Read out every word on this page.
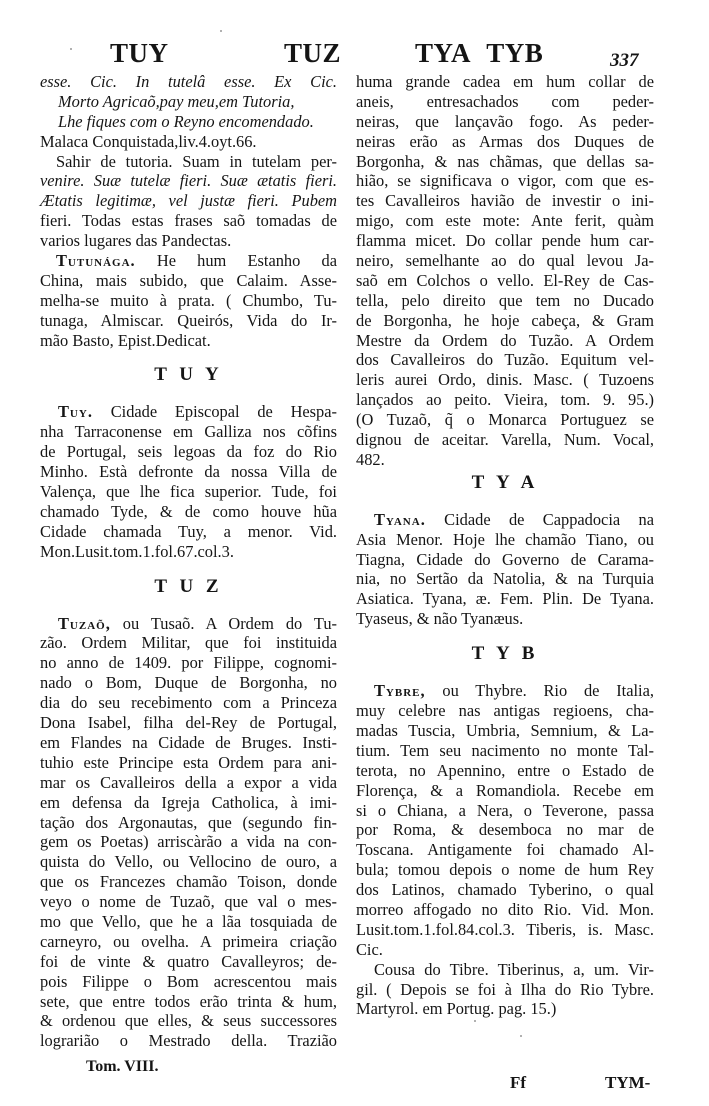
TUY    TUZ	TYA TYB	337
esse. Cic. In tutelâ esse. Ex Cic.
Morto Agricaõ,pay meu,em Tutoria,
Lhe fiques com o Reyno encomendado.
Malaca Conquistada,liv.4.oyt.66.
Sahir de tutoria. Suam in tutelam per-
venire. Suæ tutelæ fieri. Suæ ætatis fieri.
Ætatis legitimæ, vel justæ fieri. Pubem
fieri. Todas estas frases saõ tomadas de
varios lugares das Pandectas.
Tutunága. He hum Estanho da
China, mais subido, que Calaim. Asse-
melha-se muito à prata. ( Chumbo, Tu-
tunaga, Almiscar. Queirós, Vida do Ir-
mão Basto, Epist.Dedicat.
T U Y
Tuy. Cidade Episcopal de Hespa-
nha Tarraconense em Galliza nos cõfins
de Portugal, seis legoas da foz do Rio
Minho. Està defronte da nossa Villa de
Valença, que lhe fica superior. Tude, foi
chamado Tyde, & de como houve hũa
Cidade chamada Tuy, a menor. Vid.
Mon.Lusit.tom.1.fol.67.col.3.
T U Z
Tuzaõ, ou Tusaõ. A Ordem do Tu-
zão. Ordem Militar, que foi instituida
no anno de 1409. por Filippe, cognomi-
nado o Bom, Duque de Borgonha, no
dia do seu recebimento com a Princeza
Dona Isabel, filha del-Rey de Portugal,
em Flandes na Cidade de Bruges. Insti-
tuhio este Principe esta Ordem para ani-
mar os Cavalleiros della a expor a vida
em defensa da Igreja Catholica, à imi-
tação dos Argonautas, que (segundo fin-
gem os Poetas) arriscàrão a vida na con-
quista do Vello, ou Vellocino de ouro, a
que os Francezes chamão Toison, donde
veyo o nome de Tuzaõ, que val o mes-
mo que Vello, que he a lãa tosquiada de
carneyro, ou ovelha. A primeira criação
foi de vinte & quatro Cavalleyros; de-
pois Filippe o Bom acrescentou mais
sete, que entre todos erão trinta & hum,
& ordenou que elles, & seus successores
lograrião o Mestrado della. Trazião
huma grande cadea em hum collar de
aneis, entresachados com peder-
neiras, que lançavão fogo. As peder-
neiras erão as Armas dos Duques de
Borgonha, & nas chãmas, que dellas sa-
hião, se significava o vigor, com que es-
tes Cavalleiros havião de investir o ini-
migo, com este mote: Ante ferit, quàm
flamma micet. Do collar pende hum car-
neiro, semelhante ao do qual levou Ja-
saõ em Colchos o vello. El-Rey de Cas-
tella, pelo direito que tem no Ducado
de Borgonha, he hoje cabeça, & Gram
Mestre da Ordem do Tuzão. A Ordem
dos Cavalleiros do Tuzão. Equitum vel-
leris aurei Ordo, dinis. Masc. ( Tuzoens
lançados ao peito. Vieira, tom. 9. 95.)
(O Tuzaõ, q̃ o Monarca Portuguez se
dignou de aceitar. Varella, Num. Vocal,
482.
T Y A
Tyana. Cidade de Cappadocia na
Asia Menor. Hoje lhe chamão Tiano, ou
Tiagna, Cidade do Governo de Carama-
nia, no Sertão da Natolia, & na Turquia
Asiatica. Tyana, æ. Fem. Plin. De Tyana.
Tyaseus, & não Tyanæus.
T Y B
Tybre, ou Thybre. Rio de Italia,
muy celebre nas antigas regioens, cha-
madas Tuscia, Umbria, Semnium, & La-
tium. Tem seu nacimento no monte Tal-
terota, no Apennino, entre o Estado de
Florença, & a Romandiola. Recebe em
si o Chiana, a Nera, o Teverone, passa
por Roma, & desemboca no mar de
Toscana. Antigamente foi chamado Al-
bula; tomou depois o nome de hum Rey
dos Latinos, chamado Tyberino, o qual
morreo affogado no dito Rio. Vid. Mon.
Lusit.tom.1.fol.84.col.3. Tiberis, is. Masc.
Cic.
Cousa do Tibre. Tiberinus, a, um. Vir-
gil. ( Depois se foi à Ilha do Rio Tybre.
Martyrol. em Portug. pag. 15.)
Tom. VIII.
Ff	TYM-
